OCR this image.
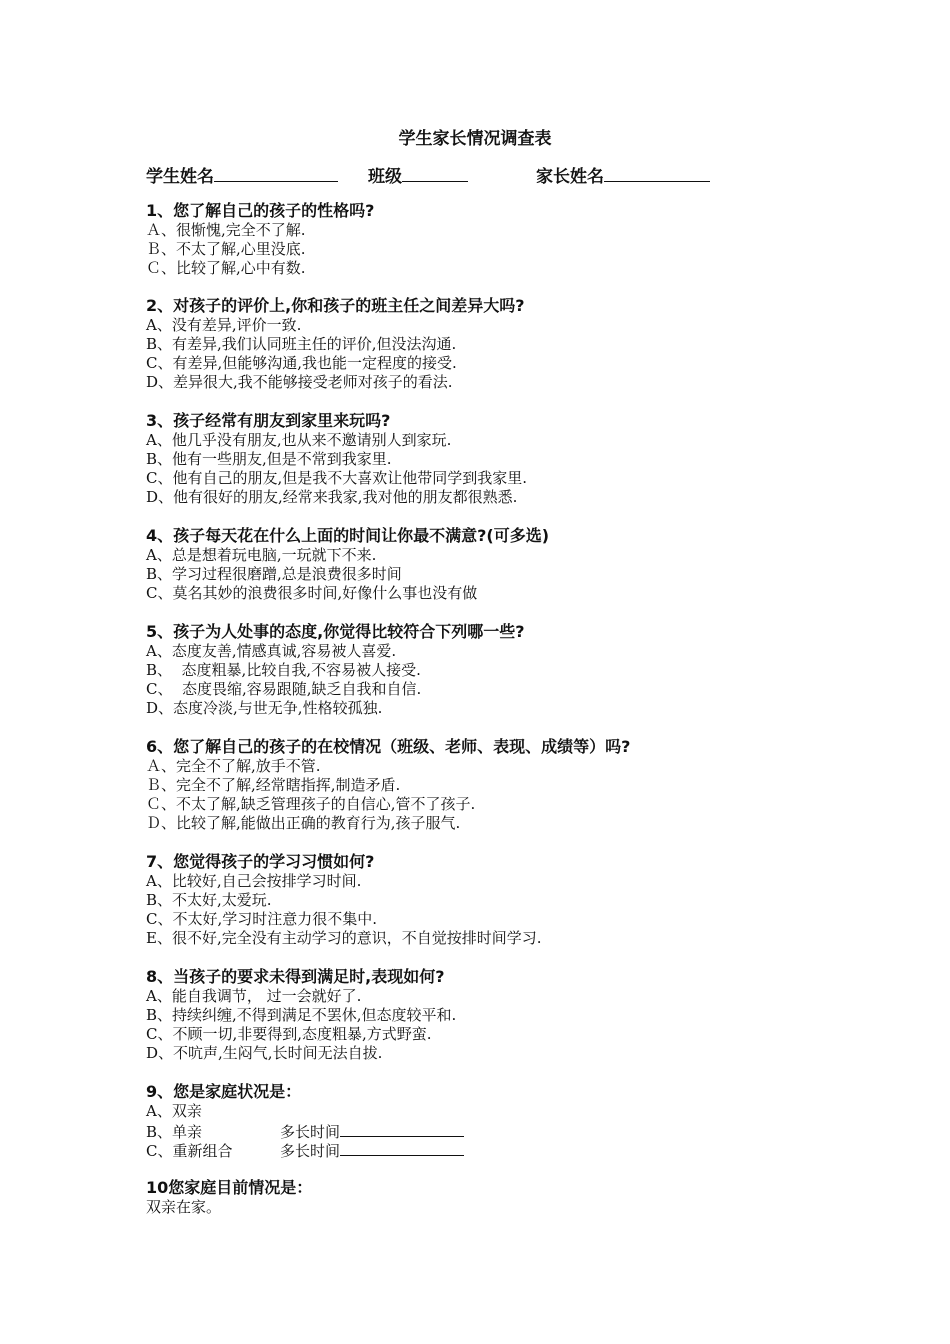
学生家长情况调查表
学生姓名	班级	家长姓名
1、您了解自己的孩子的性格吗?
Ａ、很惭愧,完全不了解.
Ｂ、不太了解,心里没底.
Ｃ、比较了解,心中有数.
2、对孩子的评价上,你和孩子的班主任之间差异大吗?
A、没有差异,评价一致.
B、有差异,我们认同班主任的评价,但没法沟通.
C、有差异,但能够沟通,我也能一定程度的接受.
D、差异很大,我不能够接受老师对孩子的看法.
3、孩子经常有朋友到家里来玩吗?
A、他几乎没有朋友,也从来不邀请别人到家玩.
B、他有一些朋友,但是不常到我家里.
C、他有自己的朋友,但是我不大喜欢让他带同学到我家里.
D、他有很好的朋友,经常来我家,我对他的朋友都很熟悉.
4、孩子每天花在什么上面的时间让你最不满意?(可多选)
A、总是想着玩电脑,一玩就下不来.
B、学习过程很磨蹭,总是浪费很多时间
C、莫名其妙的浪费很多时间,好像什么事也没有做
5、孩子为人处事的态度,你觉得比较符合下列哪一些?
A、态度友善,情感真诚,容易被人喜爱.
B、  态度粗暴,比较自我,不容易被人接受.
C、  态度畏缩,容易跟随,缺乏自我和自信.
D、态度冷淡,与世无争,性格较孤独.
6、您了解自己的孩子的在校情况（班级、老师、表现、成绩等）吗?
Ａ、完全不了解,放手不管.
Ｂ、完全不了解,经常瞎指挥,制造矛盾.
Ｃ、不太了解,缺乏管理孩子的自信心,管不了孩子.
Ｄ、比较了解,能做出正确的教育行为,孩子服气.
7、您觉得孩子的学习习惯如何?
A、比较好,自己会按排学习时间.
B、不太好,太爱玩.
C、不太好,学习时注意力很不集中.
E、很不好,完全没有主动学习的意识，不自觉按排时间学习.
8、当孩子的要求未得到满足时,表现如何?
A、能自我调节， 过一会就好了.
B、持续纠缠,不得到满足不罢休,但态度较平和.
C、不顾一切,非要得到,态度粗暴,方式野蛮.
D、不吭声,生闷气,长时间无法自拔.
9、您是家庭状况是：
A、双亲
B、单亲	多长时间
C、重新组合	多长时间
10您家庭目前情况是：
双亲在家。
